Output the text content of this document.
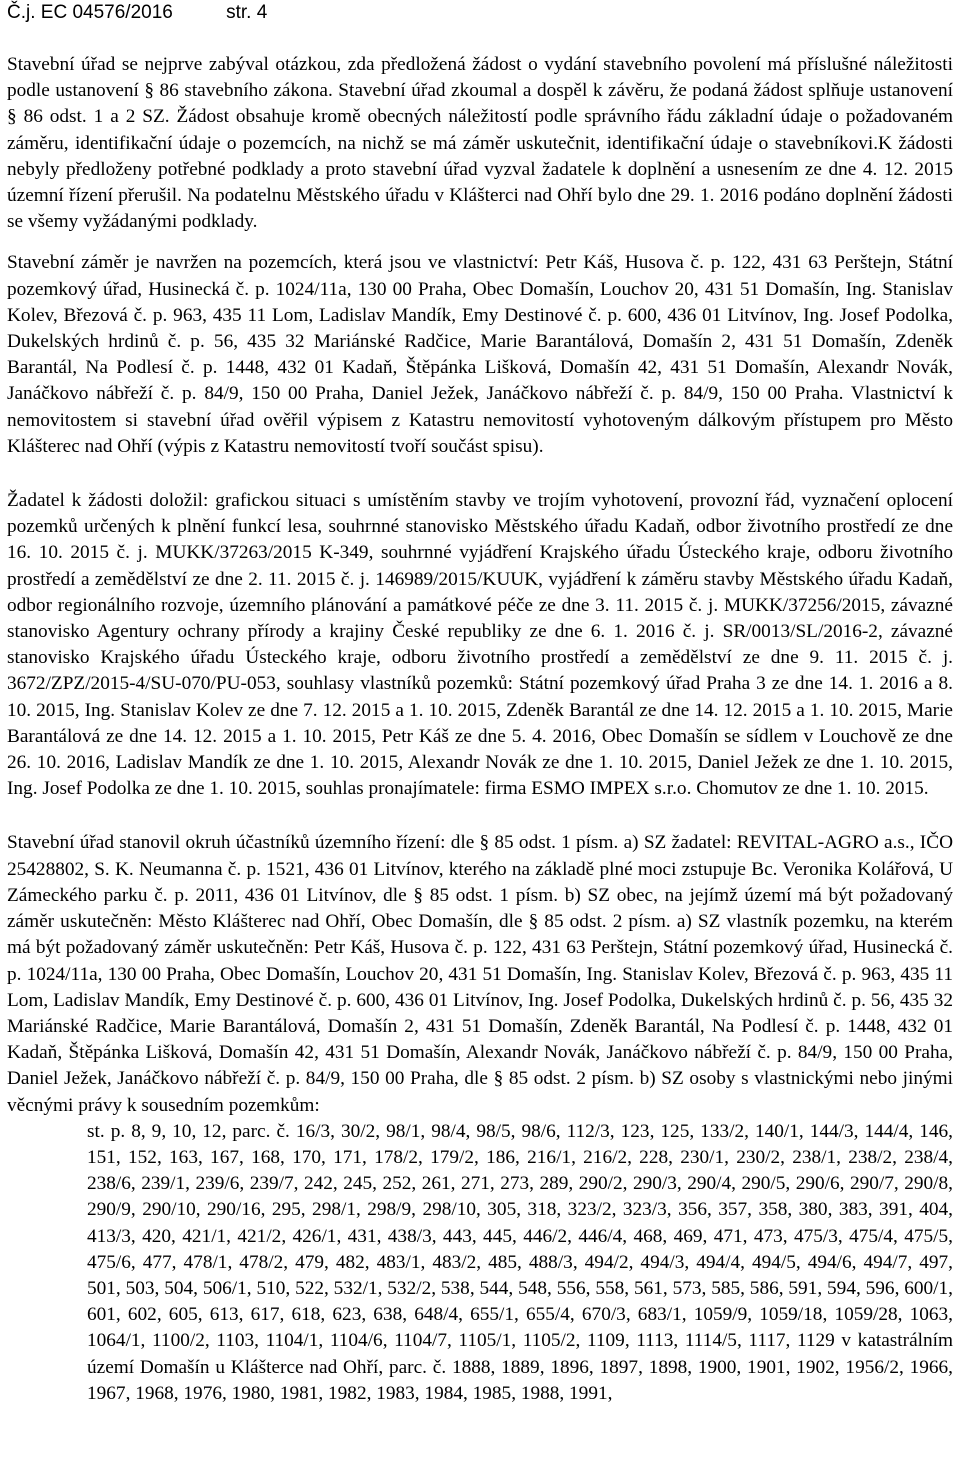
Č.j. EC 04576/2016	str. 4

Stavební úřad se nejprve zabýval otázkou, zda předložená žádost o vydání stavebního povolení má příslušné náležitosti podle ustanovení § 86 stavebního zákona. Stavební úřad zkoumal a dospěl k závěru, že podaná žádost splňuje ustanovení § 86 odst. 1 a 2 SZ. Žádost obsahuje kromě obecných náležitostí podle správního řádu základní údaje o požadovaném záměru, identifikační údaje o pozemcích, na nichž se má záměr uskutečnit, identifikační údaje o stavebníkovi.K žádosti nebyly předloženy potřebné podklady a proto stavební úřad vyzval žadatele k doplnění a usnesením ze dne 4. 12. 2015 územní řízení přerušil. Na podatelnu Městského úřadu v Klášterci nad Ohří bylo dne 29. 1. 2016 podáno doplnění žádosti se všemy vyžádanými podklady.

Stavební záměr je navržen na pozemcích, která jsou ve vlastnictví: Petr Káš, Husova č. p. 122, 431 63 Perštejn, Státní pozemkový úřad, Husinecká č. p. 1024/11a, 130 00 Praha, Obec Domašín, Louchov 20, 431 51 Domašín, Ing. Stanislav Kolev, Březová č. p. 963, 435 11 Lom, Ladislav Mandík, Emy Destinové č. p. 600, 436 01 Litvínov, Ing. Josef Podolka, Dukelských hrdinů č. p. 56, 435 32 Mariánské Radčice, Marie Barantálová, Domašín 2, 431 51 Domašín, Zdeněk Barantál, Na Podlesí č. p. 1448, 432 01 Kadaň, Štěpánka Lišková, Domašín 42, 431 51 Domašín, Alexandr Novák, Janáčkovo nábřeží č. p. 84/9, 150 00 Praha, Daniel Ježek, Janáčkovo nábřeží č. p. 84/9, 150 00 Praha. Vlastnictví k nemovitostem si stavební úřad ověřil výpisem z Katastru nemovitostí vyhotoveným dálkovým přístupem pro Město Klášterec nad Ohří (výpis z Katastru nemovitostí tvoří součást spisu).

Žadatel k žádosti doložil: grafickou situaci s umístěním stavby ve trojím vyhotovení, provozní řád, vyznačení oplocení pozemků určených k plnění funkcí lesa, souhrnné stanovisko Městského úřadu Kadaň, odbor životního prostředí ze dne 16. 10. 2015 č. j. MUKK/37263/2015 K-349, souhrnné vyjádření Krajského úřadu Ústeckého kraje, odboru životního prostředí a zemědělství ze dne 2. 11. 2015 č. j. 146989/2015/KUUK, vyjádření k záměru stavby Městského úřadu Kadaň, odbor regionálního rozvoje, územního plánování a památkové péče ze dne 3. 11. 2015 č. j. MUKK/37256/2015, závazné stanovisko Agentury ochrany přírody a krajiny České republiky ze dne 6. 1. 2016 č. j. SR/0013/SL/2016-2, závazné stanovisko Krajského úřadu Ústeckého kraje, odboru životního prostředí a zemědělství ze dne 9. 11. 2015 č. j. 3672/ZPZ/2015-4/SU-070/PU-053, souhlasy vlastníků pozemků: Státní pozemkový úřad Praha 3 ze dne 14. 1. 2016 a 8. 10. 2015, Ing. Stanislav Kolev ze dne 7. 12. 2015 a 1. 10. 2015, Zdeněk Barantál ze dne 14. 12. 2015 a 1. 10. 2015, Marie Barantálová ze dne 14. 12. 2015 a 1. 10. 2015, Petr Káš ze dne 5. 4. 2016, Obec Domašín se sídlem v Louchově ze dne 26. 10. 2016, Ladislav Mandík ze dne 1. 10. 2015, Alexandr Novák ze dne 1. 10. 2015, Daniel Ježek ze dne 1. 10. 2015, Ing. Josef Podolka ze dne 1. 10. 2015, souhlas pronajímatele: firma ESMO IMPEX s.r.o. Chomutov ze dne 1. 10. 2015.

Stavební úřad stanovil okruh účastníků územního řízení: dle § 85 odst. 1 písm. a) SZ žadatel: REVITAL-AGRO a.s., IČO 25428802, S. K. Neumanna č. p. 1521, 436 01 Litvínov, kterého na základě plné moci zstupuje Bc. Veronika Kolářová, U Zámeckého parku č. p. 2011, 436 01 Litvínov, dle § 85 odst. 1 písm. b) SZ obec, na jejímž území má být požadovaný záměr uskutečněn: Město Klášterec nad Ohří, Obec Domašín, dle § 85 odst. 2 písm. a) SZ vlastník pozemku, na kterém má být požadovaný záměr uskutečněn: Petr Káš, Husova č. p. 122, 431 63 Perštejn, Státní pozemkový úřad, Husinecká č. p. 1024/11a, 130 00 Praha, Obec Domašín, Louchov 20, 431 51 Domašín, Ing. Stanislav Kolev, Březová č. p. 963, 435 11 Lom, Ladislav Mandík, Emy Destinové č. p. 600, 436 01 Litvínov, Ing. Josef Podolka, Dukelských hrdinů č. p. 56, 435 32 Mariánské Radčice, Marie Barantálová, Domašín 2, 431 51 Domašín, Zdeněk Barantál, Na Podlesí č. p. 1448, 432 01 Kadaň, Štěpánka Lišková, Domašín 42, 431 51 Domašín, Alexandr Novák, Janáčkovo nábřeží č. p. 84/9, 150 00 Praha, Daniel Ježek, Janáčkovo nábřeží č. p. 84/9, 150 00 Praha, dle § 85 odst. 2 písm. b) SZ osoby s vlastnickými nebo jinými věcnými právy k sousedním pozemkům:

st. p. 8, 9, 10, 12, parc. č. 16/3, 30/2, 98/1, 98/4, 98/5, 98/6, 112/3, 123, 125, 133/2, 140/1, 144/3, 144/4, 146, 151, 152, 163, 167, 168, 170, 171, 178/2, 179/2, 186, 216/1, 216/2, 228, 230/1, 230/2, 238/1, 238/2, 238/4, 238/6, 239/1, 239/6, 239/7, 242, 245, 252, 261, 271, 273, 289, 290/2, 290/3, 290/4, 290/5, 290/6, 290/7, 290/8, 290/9, 290/10, 290/16, 295, 298/1, 298/9, 298/10, 305, 318, 323/2, 323/3, 356, 357, 358, 380, 383, 391, 404, 413/3, 420, 421/1, 421/2, 426/1, 431, 438/3, 443, 445, 446/2, 446/4, 468, 469, 471, 473, 475/3, 475/4, 475/5, 475/6, 477, 478/1, 478/2, 479, 482, 483/1, 483/2, 485, 488/3, 494/2, 494/3, 494/4, 494/5, 494/6, 494/7, 497, 501, 503, 504, 506/1, 510, 522, 532/1, 532/2, 538, 544, 548, 556, 558, 561, 573, 585, 586, 591, 594, 596, 600/1, 601, 602, 605, 613, 617, 618, 623, 638, 648/4, 655/1, 655/4, 670/3, 683/1, 1059/9, 1059/18, 1059/28, 1063, 1064/1, 1100/2, 1103, 1104/1, 1104/6, 1104/7, 1105/1, 1105/2, 1109, 1113, 1114/5, 1117, 1129 v katastrálním území Domašín u Klášterce nad Ohří, parc. č. 1888, 1889, 1896, 1897, 1898, 1900, 1901, 1902, 1956/2, 1966, 1967, 1968, 1976, 1980, 1981, 1982, 1983, 1984, 1985, 1988, 1991,
